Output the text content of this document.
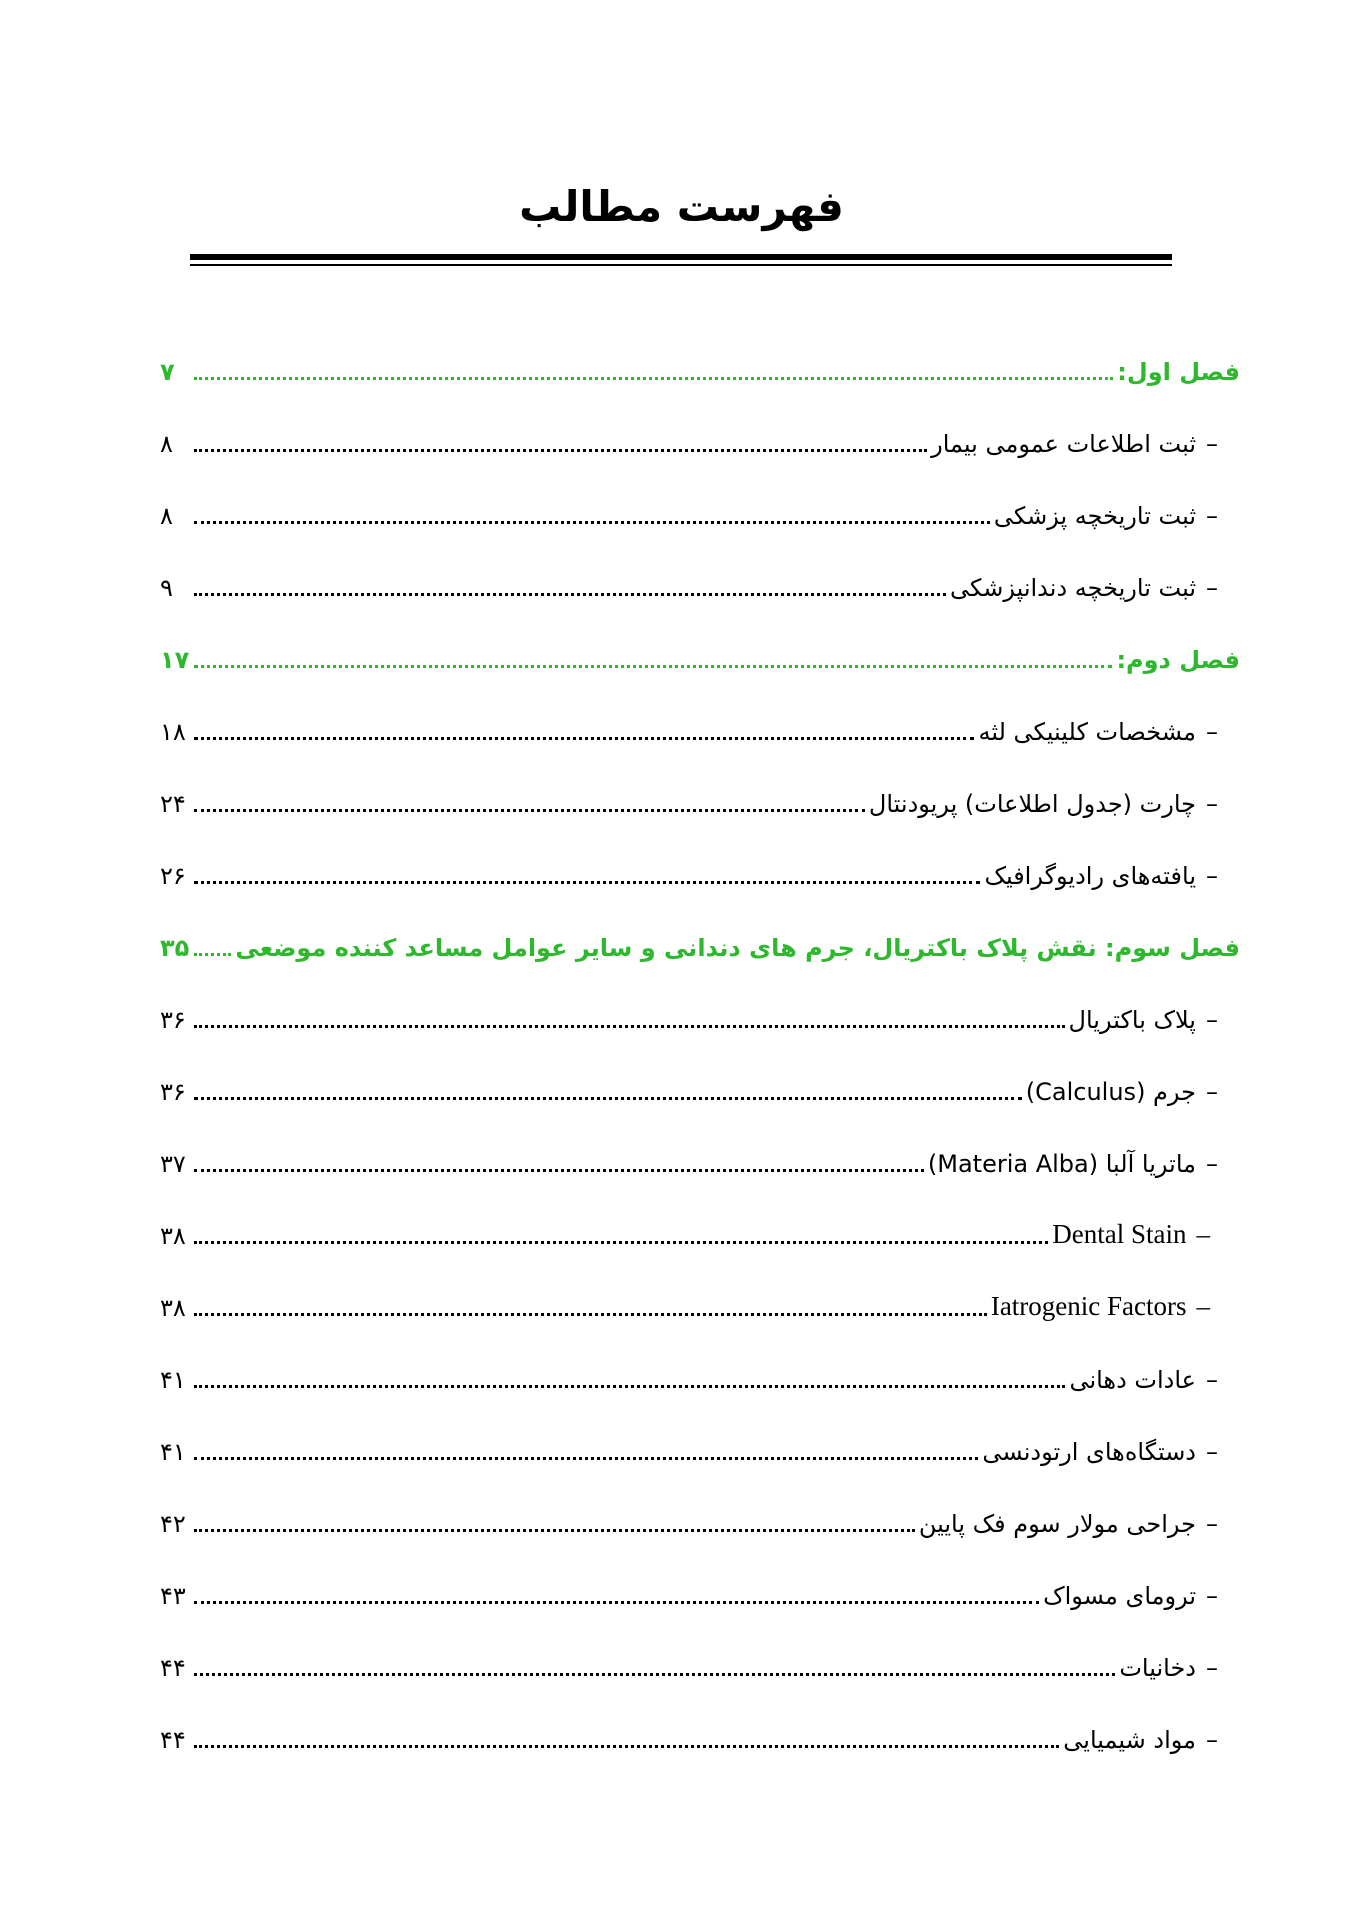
فهرست مطالب
فصل اول:
۷
–ثبت اطلاعات عمومی بیمار
۸
–ثبت تاریخچه پزشکی
۸
–ثبت تاریخچه دندانپزشکی
۹
فصل دوم:
۱۷
–مشخصات کلینیکی لثه
۱۸
–چارت (جدول اطلاعات) پریودنتال
۲۴
–یافته‌های رادیوگرافیک
۲۶
فصل سوم: نقش پلاک باکتریال، جرم های دندانی و سایر عوامل مساعد کننده موضعی
۳۵
–پلاک باکتریال
۳۶
–جرم (Calculus)
۳۶
–ماتریا آلبا (Materia Alba)
۳۷
–Dental Stain
۳۸
–Iatrogenic Factors
۳۸
–عادات دهانی
۴۱
–دستگاه‌های ارتودنسی
۴۱
–جراحی مولار سوم فک پایین
۴۲
–ترومای مسواک
۴۳
–دخانیات
۴۴
–مواد شیمیایی
۴۴
